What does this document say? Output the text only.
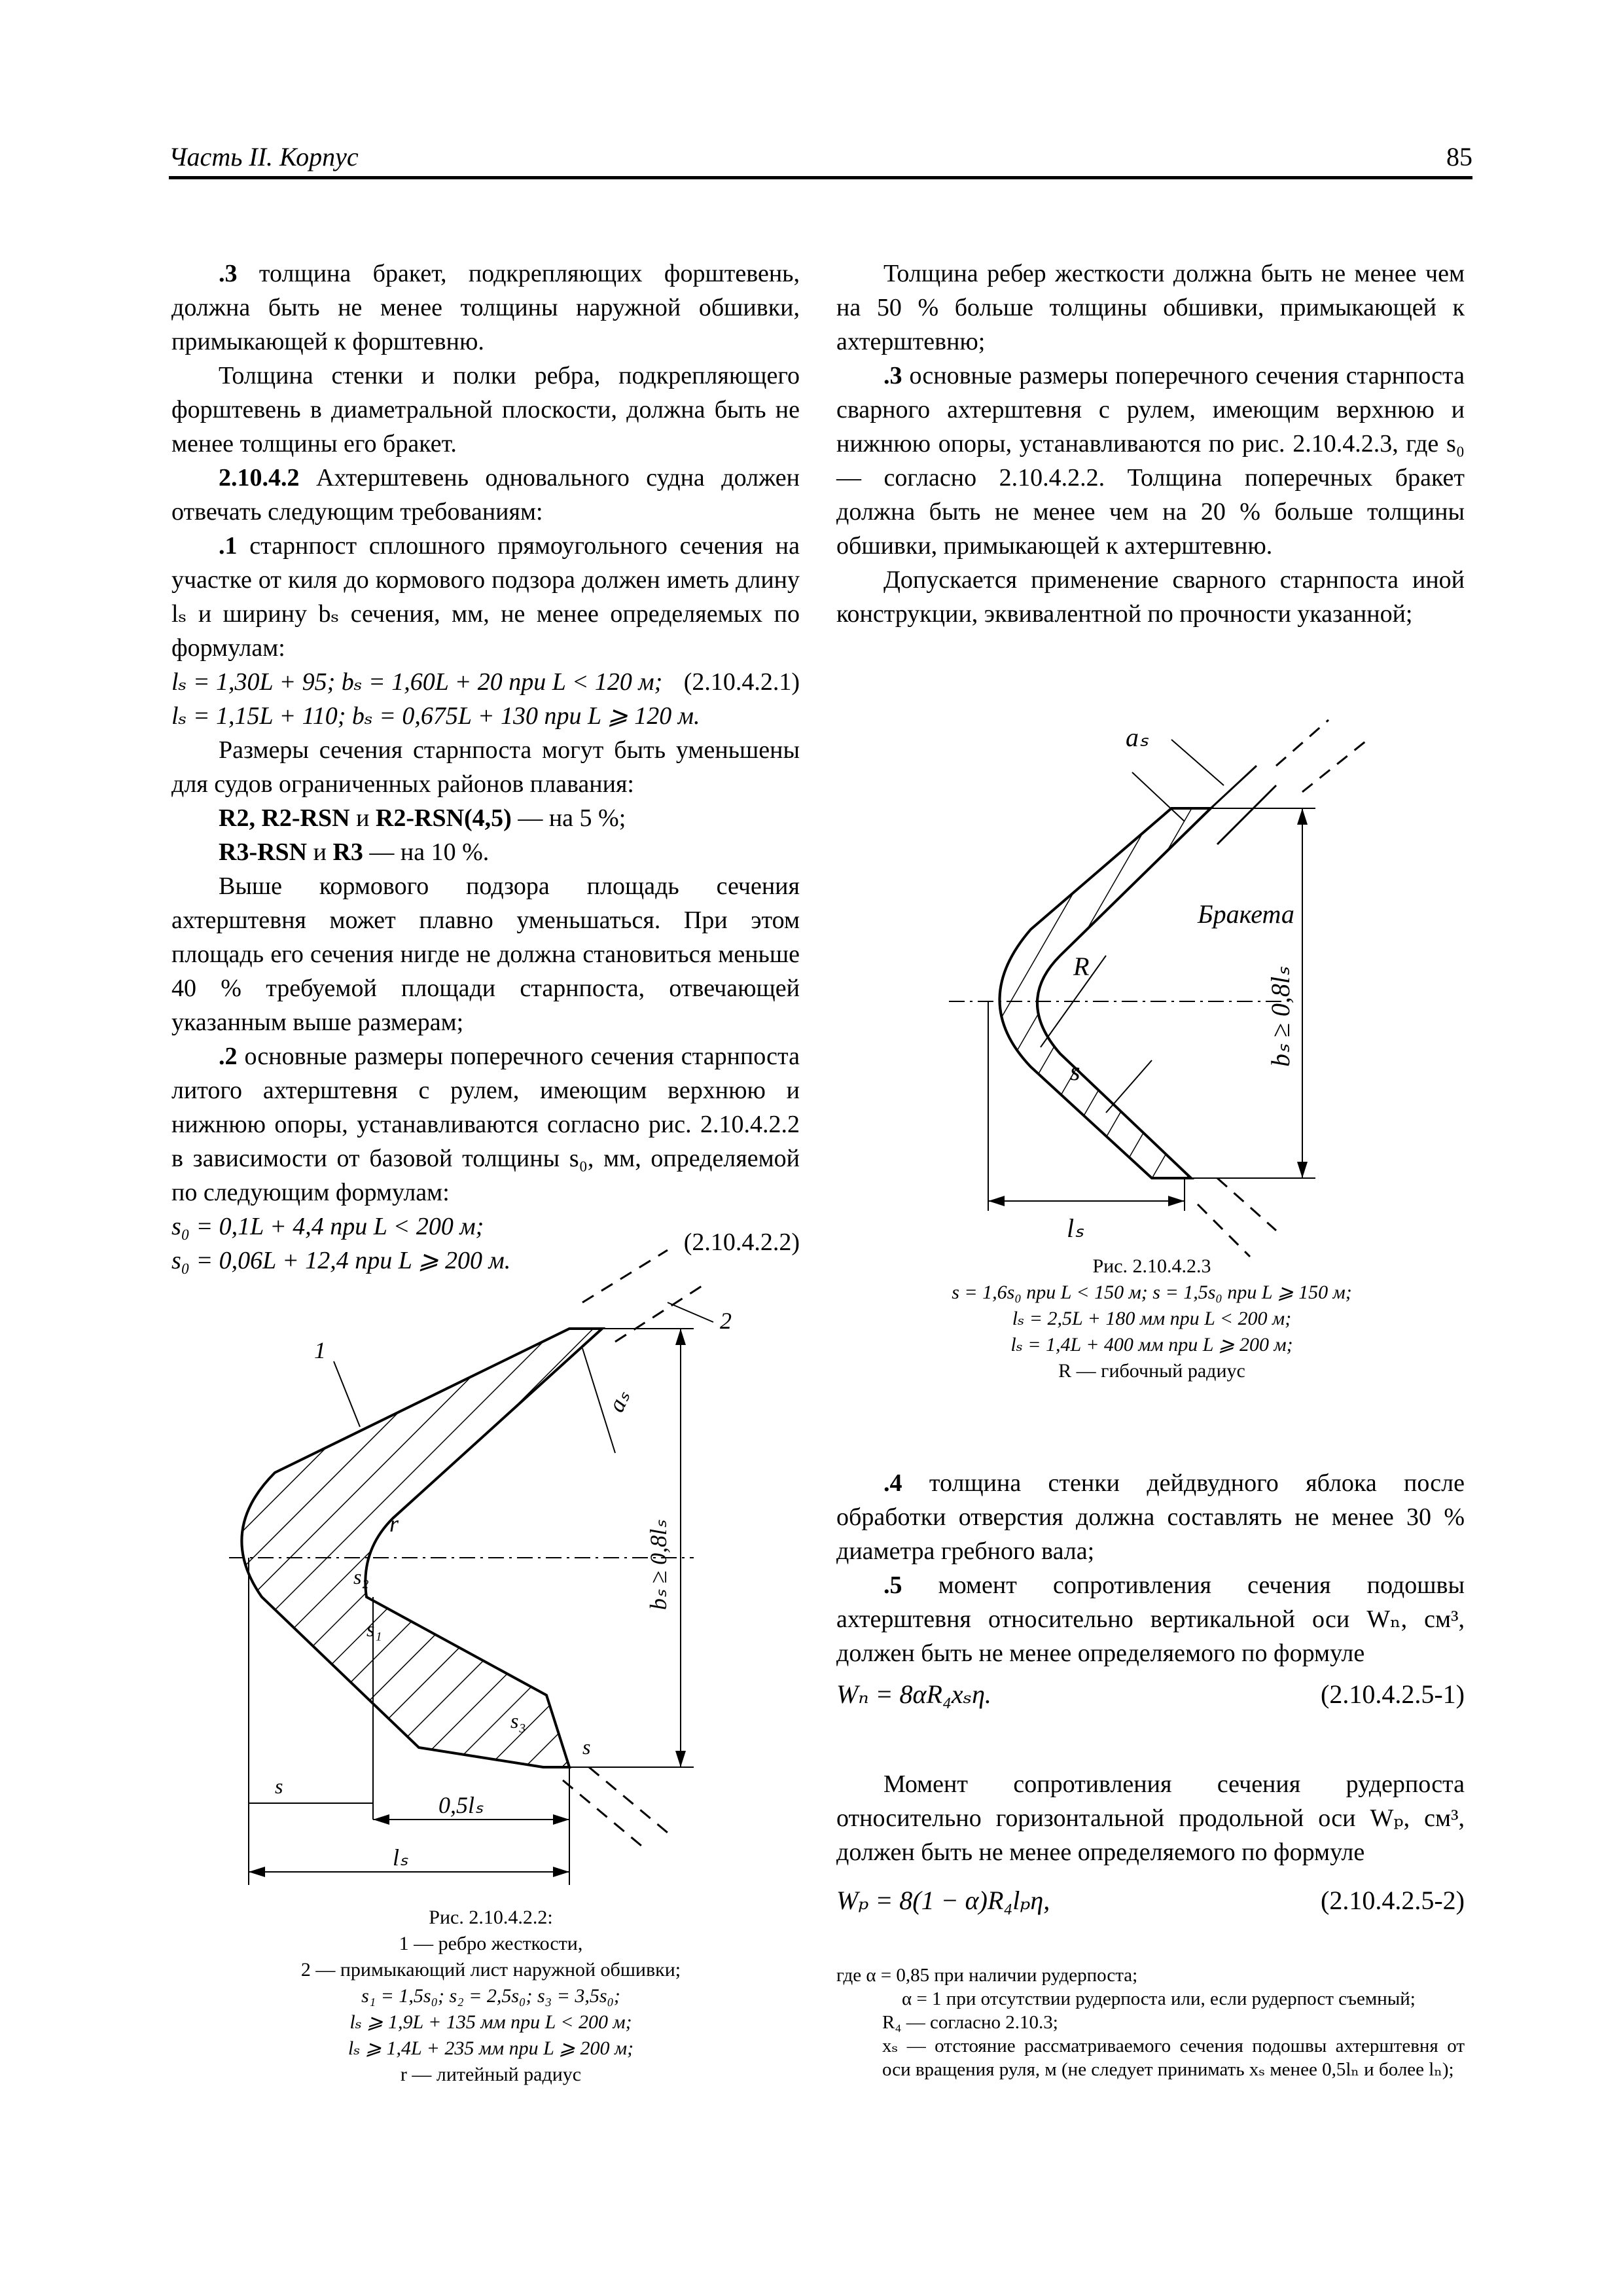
Часть II. Корпус	85

.3 толщина бракет, подкрепляющих форштевень, должна быть не менее толщины наружной обшивки, примыкающей к форштевню.

Толщина стенки и полки ребра, подкрепляющего форштевень в диаметральной плоскости, должна быть не менее толщины его бракет.

2.10.4.2 Ахтерштевень одновального судна должен отвечать следующим требованиям:

.1 старнпост сплошного прямоугольного сечения на участке от киля до кормового подзора должен иметь длину lₛ и ширину bₛ сечения, мм, не менее определяемых по формулам:

lₛ = 1,30L + 95; bₛ = 1,60L + 20 при L < 120 м; (2.10.4.2.1)
lₛ = 1,15L + 110; bₛ = 0,675L + 130 при L ⩾ 120 м.

Размеры сечения старнпоста могут быть уменьшены для судов ограниченных районов плавания:

R2, R2-RSN и R2-RSN(4,5) — на 5 %;

R3-RSN и R3 — на 10 %.

Выше кормового подзора площадь сечения ахтерштевня может плавно уменьшаться. При этом площадь его сечения нигде не должна становиться меньше 40 % требуемой площади старнпоста, отвечающей указанным выше размерам;

.2 основные размеры поперечного сечения старнпоста литого ахтерштевня с рулем, имеющим верхнюю и нижнюю опоры, устанавливаются согласно рис. 2.10.4.2.2 в зависимости от базовой толщины s₀, мм, определяемой по следующим формулам:

s₀ = 0,1L + 4,4 при L < 200 м;
s₀ = 0,06L + 12,4 при L ⩾ 200 м.
(2.10.4.2.2)

Толщина ребер жесткости должна быть не менее чем на 50 % больше толщины обшивки, примыкающей к ахтерштевню;

.3 основные размеры поперечного сечения старнпоста сварного ахтерштевня с рулем, имеющим верхнюю и нижнюю опоры, устанавливаются по рис. 2.10.4.2.3, где s₀ — согласно 2.10.4.2.2. Толщина поперечных бракет должна быть не менее чем на 20 % больше толщины обшивки, примыкающей к ахтерштевню.

Допускается применение сварного старнпоста иной конструкции, эквивалентной по прочности указанной;

aₛ
Бракета
R
s
bₛ ≥ 0,8lₛ
lₛ
Рис. 2.10.4.2.3
s = 1,6s₀ при L < 150 м; s = 1,5s₀ при L ⩾ 150 м;
lₛ = 2,5L + 180 мм при L < 200 м;
lₛ = 1,4L + 400 мм при L ⩾ 200 м;
R — гибочный радиус

.4 толщина стенки дейдвудного яблока после обработки отверстия должна составлять не менее 30 % диаметра гребного вала;

.5 момент сопротивления сечения подошвы ахтерштевня относительно вертикальной оси Wₙ, см³, должен быть не менее определяемого по формуле

Wₙ = 8αR₄xₛη.	(2.10.4.2.5-1)

Момент сопротивления сечения рудерпоста относительно горизонтальной продольной оси Wₚ, см³, должен быть не менее определяемого по формуле

Wₚ = 8(1 − α)R₄lₚη,	(2.10.4.2.5-2)
где α = 0,85 при наличии рудерпоста;
α = 1 при отсутствии рудерпоста или, если рудерпост съемный;
R₄ — согласно 2.10.3;
xₛ — отстояние рассматриваемого сечения подошвы ахтерштевня от оси вращения руля, м (не следует принимать xₛ менее 0,5lₙ и более lₙ);
1
2
aₛ
bₛ ≥ 0,8lₛ
r
s₁
s₂
s₃
s
s
0,5lₛ
lₛ
Рис. 2.10.4.2.2:
1 — ребро жесткости,
2 — примыкающий лист наружной обшивки;
s₁ = 1,5s₀; s₂ = 2,5s₀; s₃ = 3,5s₀;
lₛ ⩾ 1,9L + 135 мм при L < 200 м;
lₛ ⩾ 1,4L + 235 мм при L ⩾ 200 м;
r — литейный радиус
